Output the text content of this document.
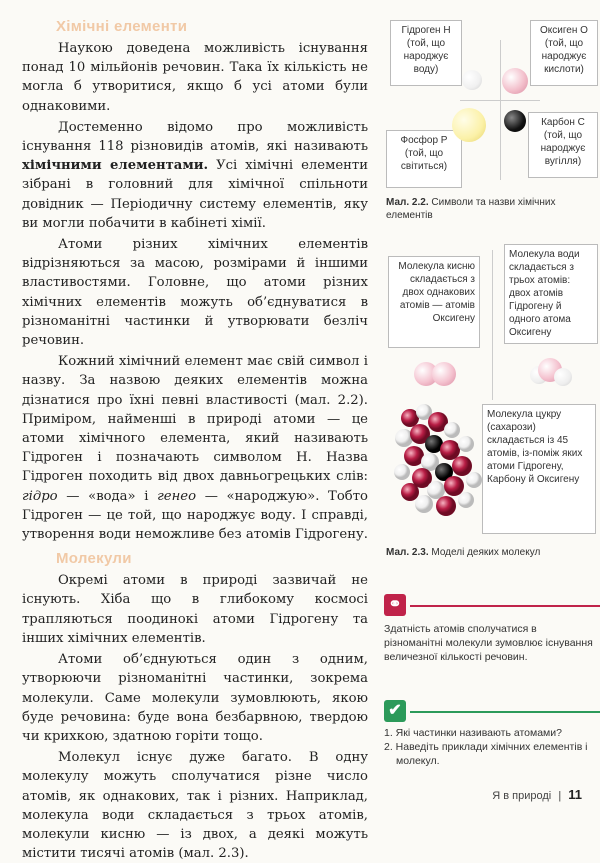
Хімічні елементи

Наукою доведена можливість існування понад 10 мільйонів речовин. Така їх кількість не могла б утворитися, якщо б усі атоми були однаковими.

Достеменно відомо про можливість існування 118 різновидів атомів, які називають хімічними елементами. Усі хімічні елементи зібрані в головний для хімічної спільноти довідник — Періодичну систему елементів, яку ви могли побачити в кабінеті хімії.

Атоми різних хімічних елементів відрізняються за масою, розмірами й іншими властивостями. Головне, що атоми різних хімічних елементів можуть об’єднуватися в різноманітні частинки й утворювати безліч речовин.

Кожний хімічний елемент має свій символ і назву. За назвою деяких елементів можна дізнатися про їхні певні властивості (мал. 2.2). Приміром, найменші в природі атоми — це атоми хімічного елемента, який називають Гідроген і позначають символом Н. Назва Гідроген походить від двох давньогрецьких слів: гідро — «вода» і генео — «народжую». Тобто Гідроген — це той, що народжує воду. І справді, утворення води неможливе без атомів Гідрогену.

Молекули

Окремі атоми в природі зазвичай не існують. Хіба що в глибокому космосі трапляються поодинокі атоми Гідрогену та інших хімічних елементів.

Атоми об’єднуються один з одним, утворюючи різноманітні частинки, зокрема молекули. Саме молекули зумовлюють, якою буде речовина: буде вона безбарвною, твердою чи крихкою, здатною горіти тощо.

Молекул існує дуже багато. В одну молекулу можуть сполучатися різне число атомів, як однакових, так і різних. Наприклад, молекула води складається з трьох атомів, молекули кисню — із двох, а деякі можуть містити тисячі атомів (мал. 2.3).

Гідроген Н (той, що народжує воду)
Оксиген О (той, що народжує кислоти)
Фосфор Р (той, що світиться)
Карбон С (той, що народжує вугілля)
Мал. 2.2. Символи та назви хімічних елементів
Молекула кисню складається з двох однакових атомів — атомів Оксигену
Молекула води складається з трьох атомів: двох атомів Гідрогену й одного атома Оксигену
Молекула цукру (сахарози) складається із 45 атомів, із-поміж яких атоми Гідрогену, Карбону й Оксигену
Мал. 2.3. Моделі деяких молекул
⚭
Здатність атомів сполучатися в різноманітні молекули зумовлює існування величезної кількості речовин.
✔
1. Які частинки називають атомами?
2. Наведіть приклади хімічних елементів і молекул.
Я в природі | 11
